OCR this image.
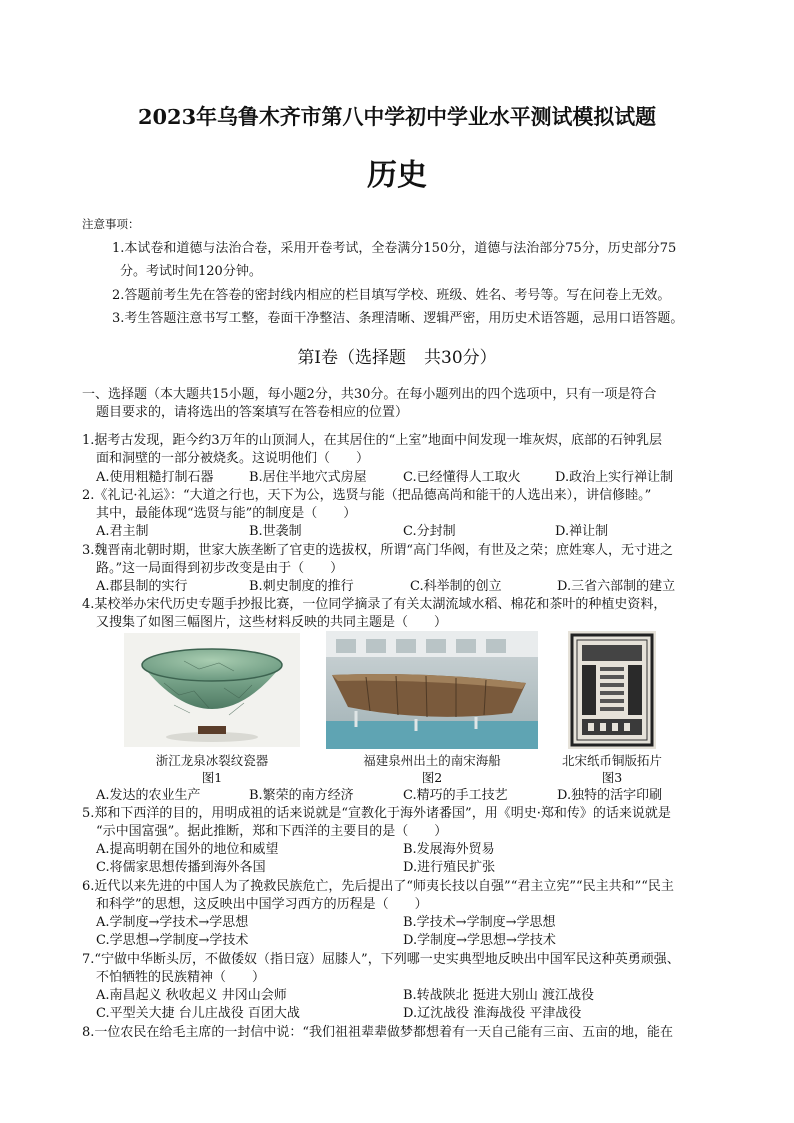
2023年乌鲁木齐市第八中学初中学业水平测试模拟试题
历史
注意事项：
1.本试卷和道德与法治合卷，采用开卷考试，全卷满分150分，道德与法治部分75分，历史部分75
分。考试时间120分钟。
2.答题前考生先在答卷的密封线内相应的栏目填写学校、班级、姓名、考号等。写在问卷上无效。
3.考生答题注意书写工整，卷面干净整洁、条理清晰、逻辑严密，用历史术语答题，忌用口语答题。
第Ⅰ卷（选择题 共30分）
一、选择题（本大题共15小题，每小题2分，共30分。在每小题列出的四个选项中，只有一项是符合
题目要求的，请将选出的答案填写在答卷相应的位置）
1.据考古发现，距今约3万年的山顶洞人，在其居住的“上室”地面中间发现一堆灰烬，底部的石钟乳层
面和洞壁的一部分被烧炙。这说明他们（　　）
A.使用粗糙打制石器	B.居住半地穴式房屋	C.已经懂得人工取火	D.政治上实行禅让制
2.《礼记·礼运》：“大道之行也，天下为公，选贤与能（把品德高尚和能干的人选出来），讲信修睦。”
其中，最能体现“选贤与能”的制度是（　　）
A.君主制	B.世袭制	C.分封制	D.禅让制
3.魏晋南北朝时期，世家大族垄断了官吏的选拔权，所谓“高门华阀，有世及之荣；庶姓寒人，无寸进之
路。”这一局面得到初步改变是由于（　　）
A.郡县制的实行	B.刺史制度的推行	C.科举制的创立	D.三省六部制的建立
4.某校举办宋代历史专题手抄报比赛，一位同学摘录了有关太湖流域水稻、棉花和茶叶的种植史资料，
又搜集了如图三幅图片，这些材料反映的共同主题是（　　）
浙江龙泉冰裂纹瓷器	福建泉州出土的南宋海船	北宋纸币铜版拓片
图1	图2	图3
A.发达的农业生产	B.繁荣的南方经济	C.精巧的手工技艺	D.独特的活字印刷
5.郑和下西洋的目的，用明成祖的话来说就是“宣教化于海外诸番国”，用《明史·郑和传》的话来说就是
“示中国富强”。据此推断，郑和下西洋的主要目的是（　　）
A.提高明朝在国外的地位和威望	B.发展海外贸易
C.将儒家思想传播到海外各国	D.进行殖民扩张
6.近代以来先进的中国人为了挽救民族危亡，先后提出了“师夷长技以自强”“君主立宪”“民主共和”“民主
和科学”的思想，这反映出中国学习西方的历程是（　　）
A.学制度→学技术→学思想	B.学技术→学制度→学思想
C.学思想→学制度→学技术	D.学制度→学思想→学技术
7.“宁做中华断头厉，不做倭奴（指日寇）屈膝人”，下列哪一史实典型地反映出中国军民这种英勇顽强、
不怕牺牲的民族精神（　　）
A.南昌起义 秋收起义 井冈山会师	B.转战陕北 挺进大别山 渡江战役
C.平型关大捷 台儿庄战役 百团大战	D.辽沈战役 淮海战役 平津战役
8.一位农民在给毛主席的一封信中说：“我们祖祖辈辈做梦都想着有一天自己能有三亩、五亩的地，能在
